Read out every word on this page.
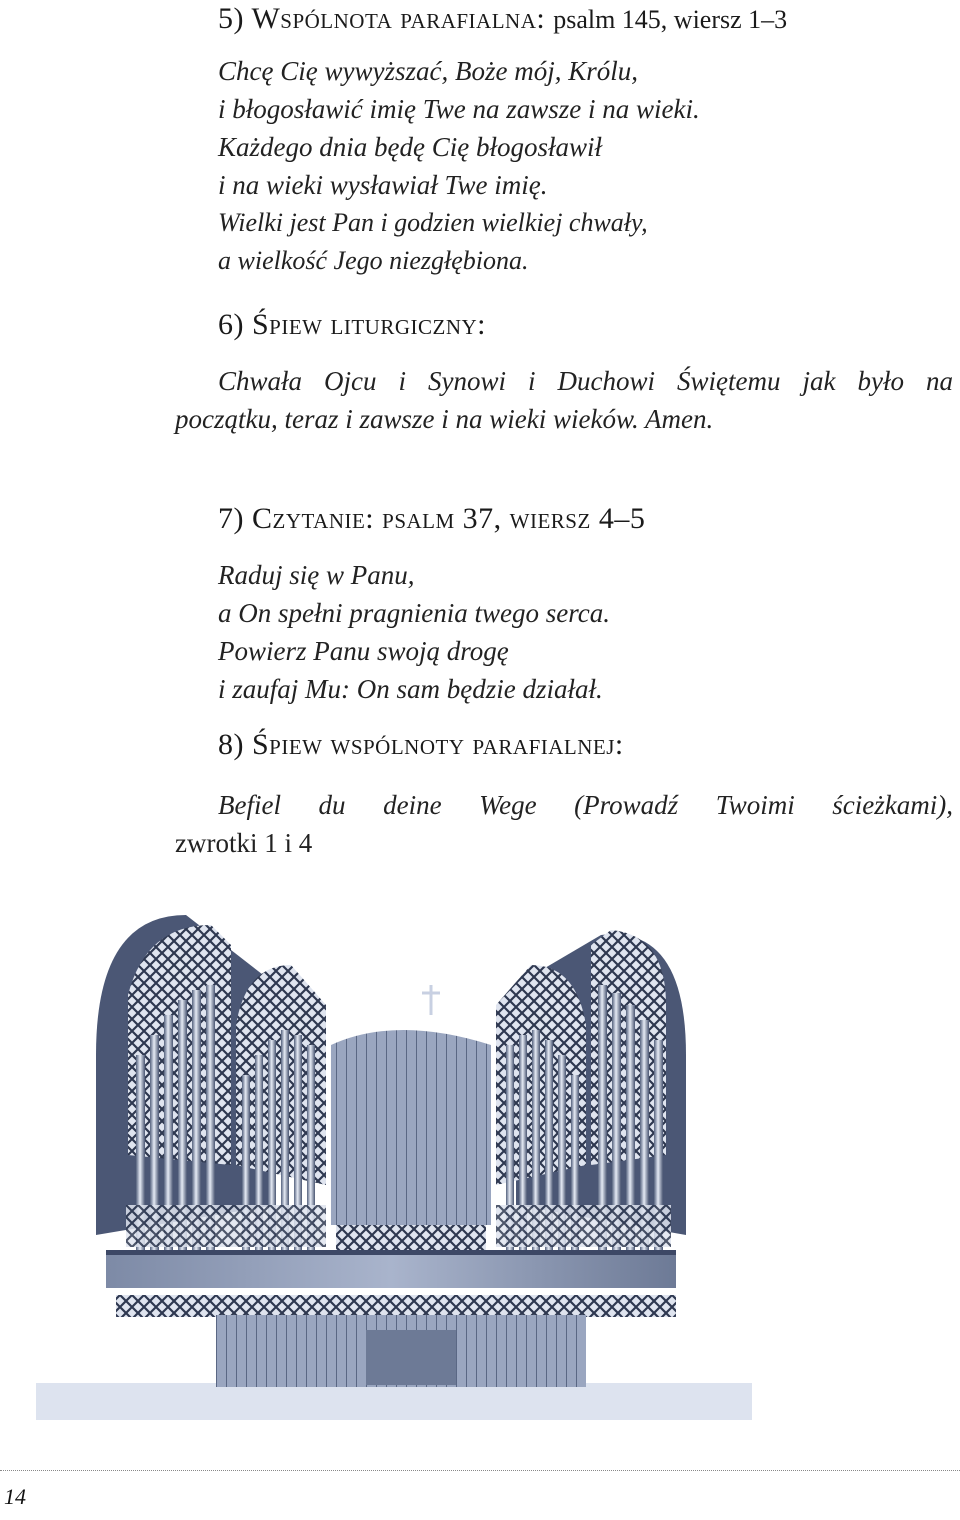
5) Wspólnota parafialna: psalm 145, wiersz 1–3
Chcę Cię wywyższać, Boże mój, Królu,
i błogosławić imię Twe na zawsze i na wieki.
Każdego dnia będę Cię błogosławił
i na wieki wysławiał Twe imię.
Wielki jest Pan i godzien wielkiej chwały,
a wielkość Jego niezgłębiona.
6) Śpiew liturgiczny:
Chwała Ojcu i Synowi i Duchowi Świętemu jak było na
początku, teraz i zawsze i na wieki wieków. Amen.
7) Czytanie: psalm 37, wiersz 4–5
Raduj się w Panu,
a On spełni pragnienia twego serca.
Powierz Panu swoją drogę
i zaufaj Mu: On sam będzie działał.
8) Śpiew wspólnoty parafialnej:
Befiel du deine Wege (Prowadź Twoimi ścieżkami),
zwrotki 1 i 4
14
